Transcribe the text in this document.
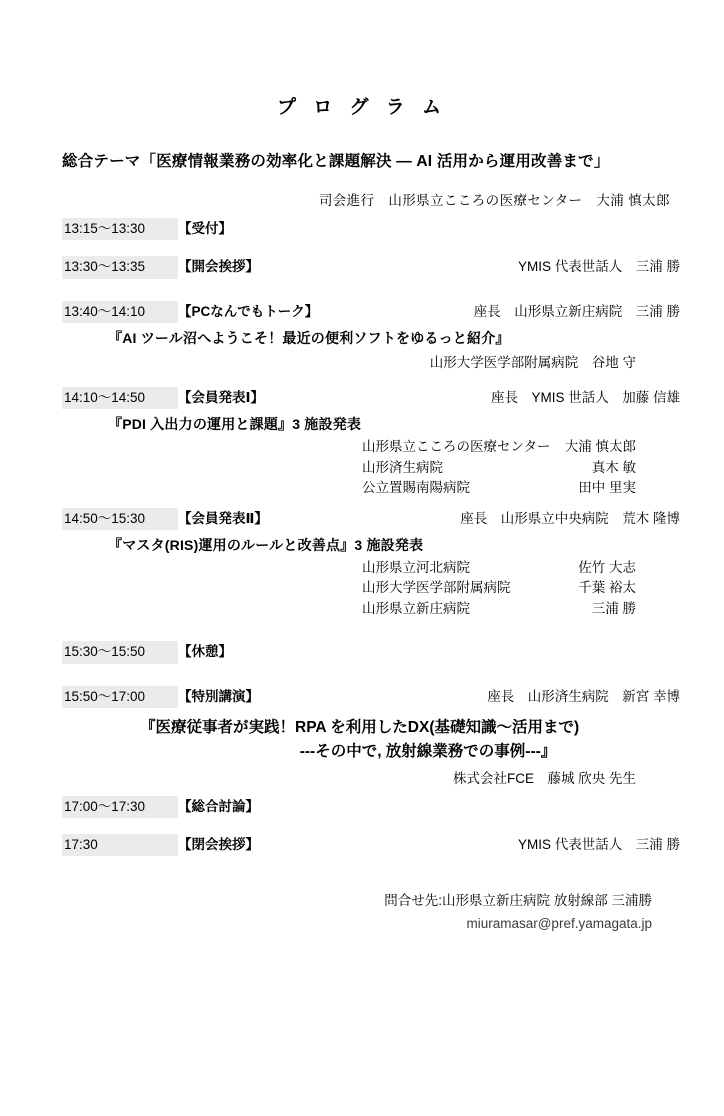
プ ロ グ ラ ム
総合テーマ「医療情報業務の効率化と課題解決 ― AI 活用から運用改善まで」
司会進行　山形県立こころの医療センター　大浦 慎太郎
13:15～13:30	【受付】
13:30～13:35	【開会挨拶】	YMIS 代表世話人　三浦 勝
13:40～14:10	【PCなんでもトーク】	座長　山形県立新庄病院　三浦 勝
『AI ツール沼へようこそ！最近の便利ソフトをゆるっと紹介』
山形大学医学部附属病院　谷地 守
14:10～14:50	【会員発表Ⅰ】	座長　YMIS 世話人　加藤 信雄
『PDI 入出力の運用と課題』3 施設発表
山形県立こころの医療センター 大浦 慎太郎
山形済生病院	真木 敏
公立置賜南陽病院	田中 里実
14:50～15:30	【会員発表Ⅱ】	座長　山形県立中央病院　荒木 隆博
『マスタ(RIS)運用のルールと改善点』3 施設発表
山形県立河北病院	佐竹 大志
山形大学医学部附属病院	千葉 裕太
山形県立新庄病院	三浦 勝
15:30～15:50	【休憩】
15:50～17:00	【特別講演】	座長　山形済生病院　新宮 幸博
『医療従事者が実践！RPA を利用したDX(基礎知識～活用まで)
---その中で, 放射線業務での事例---』
株式会社FCE　藤城 欣央 先生
17:00～17:30	【総合討論】
17:30	【閉会挨拶】	YMIS 代表世話人　三浦 勝
問合せ先:山形県立新庄病院 放射線部 三浦勝
miuramasar@pref.yamagata.jp
